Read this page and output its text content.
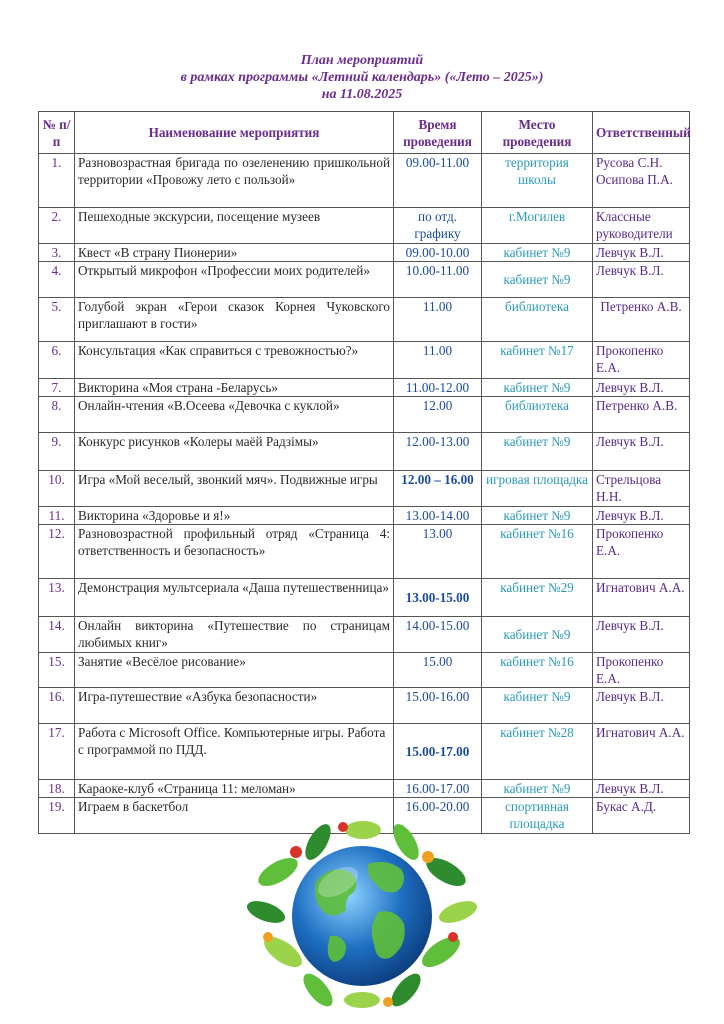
План мероприятий
в рамках программы «Летний календарь» («Лето – 2025»)
на 11.08.2025
№ п/п	Наименование мероприятия	Время проведения	Место проведения	Ответственный
1.	Разновозрастная бригада по озеленению пришкольной территории «Провожу лето с пользой»	09.00-11.00	территория школы	Русова С.Н. Осипова П.А.
2.	Пешеходные экскурсии, посещение музеев	по отд. графику	г.Могилев	Классные руководители
3.	Квест «В страну Пионерии»	09.00-10.00	кабинет №9	Левчук В.Л.
4.	Открытый микрофон «Профессии моих родителей»	10.00-11.00	кабинет №9	Левчук В.Л.
5.	Голубой экран «Герои сказок Корнея Чуковского приглашают в гости»	11.00	библиотека	Петренко А.В.
6.	Консультация «Как справиться с тревожностью?»	11.00	кабинет №17	Прокопенко Е.А.
7.	Викторина «Моя страна -Беларусь»	11.00-12.00	кабинет №9	Левчук В.Л.
8.	Онлайн-чтения «В.Осеева «Девочка с куклой»	12.00	библиотека	Петренко А.В.
9.	Конкурс рисунков «Колеры маёй Радзімы»	12.00-13.00	кабинет №9	Левчук В.Л.
10.	Игра «Мой веселый, звонкий мяч». Подвижные игры	12.00 – 16.00	игровая площадка	Стрельцова Н.Н.
11.	Викторина «Здоровье и я!»	13.00-14.00	кабинет №9	Левчук В.Л.
12.	Разновозрастной профильный отряд «Страница 4: ответственность и безопасность»	13.00	кабинет №16	Прокопенко Е.А.
13.	Демонстрация мультсериала «Даша путешественница»	13.00-15.00	кабинет №29	Игнатович А.А.
14.	Онлайн викторина «Путешествие по страницам любимых книг»	14.00-15.00	кабинет №9	Левчук В.Л.
15.	Занятие «Весёлое рисование»	15.00	кабинет №16	Прокопенко Е.А.
16.	Игра-путешествие «Азбука безопасности»	15.00-16.00	кабинет №9	Левчук В.Л.
17.	Работа с Microsoft Office. Компьютерные игры. Работа с программой по ПДД.	15.00-17.00	кабинет №28	Игнатович А.А.
18.	Караоке-клуб «Страница 11: меломан»	16.00-17.00	кабинет №9	Левчук В.Л.
19.	Играем в баскетбол	16.00-20.00	спортивная площадка	Букас А.Д.
